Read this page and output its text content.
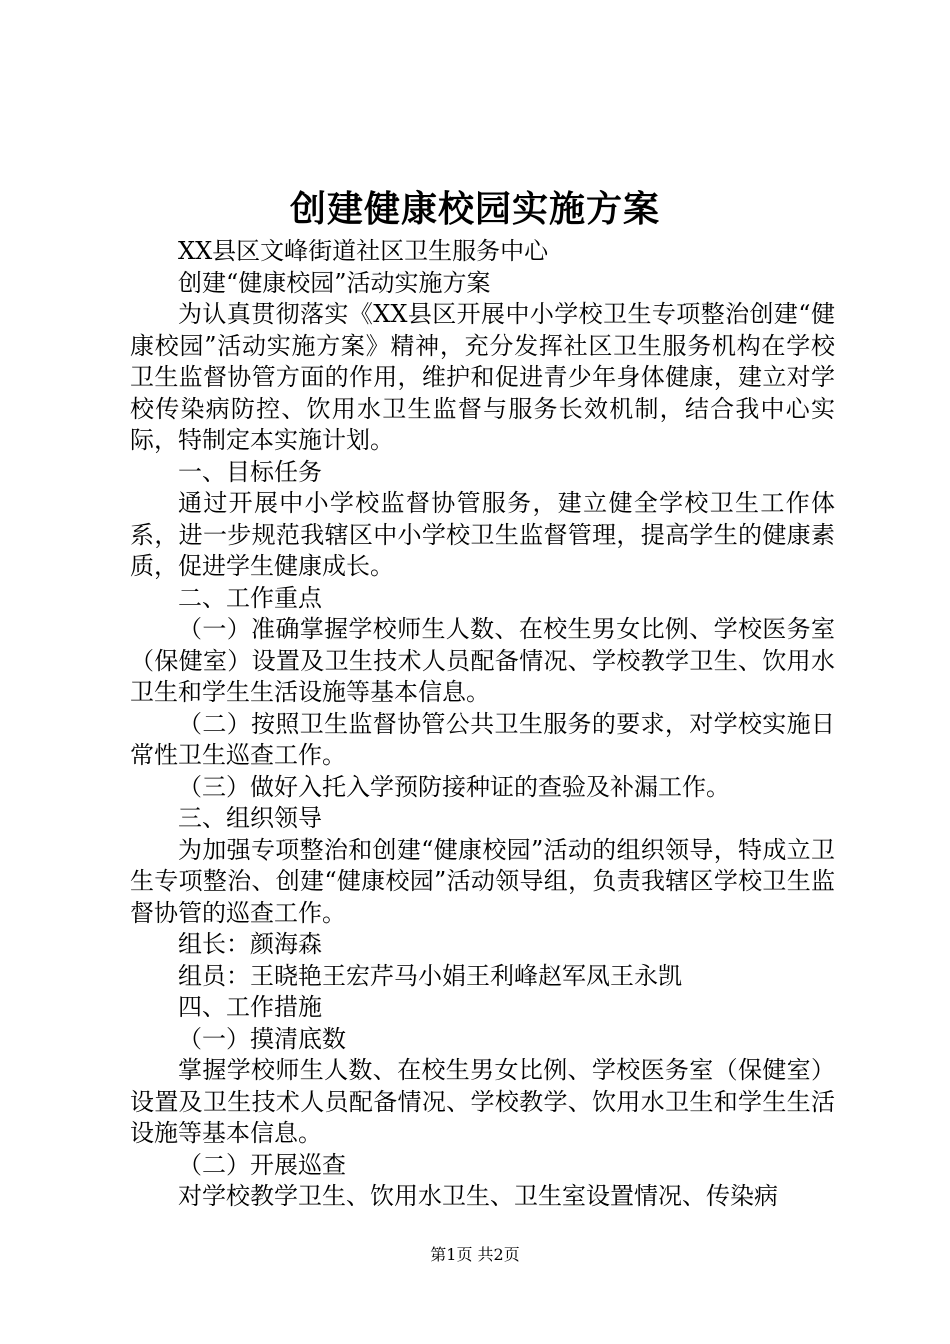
创建健康校园实施方案

XX县区文峰街道社区卫生服务中心

创建“健康校园”活动实施方案

为认真贯彻落实《XX县区开展中小学校卫生专项整治创建“健康校园”活动实施方案》精神，充分发挥社区卫生服务机构在学校卫生监督协管方面的作用，维护和促进青少年身体健康，建立对学校传染病防控、饮用水卫生监督与服务长效机制，结合我中心实际，特制定本实施计划。

一、目标任务

通过开展中小学校监督协管服务，建立健全学校卫生工作体系，进一步规范我辖区中小学校卫生监督管理，提高学生的健康素质，促进学生健康成长。

二、工作重点

（一）准确掌握学校师生人数、在校生男女比例、学校医务室（保健室）设置及卫生技术人员配备情况、学校教学卫生、饮用水卫生和学生生活设施等基本信息。

（二）按照卫生监督协管公共卫生服务的要求，对学校实施日常性卫生巡查工作。

（三）做好入托入学预防接种证的查验及补漏工作。

三、组织领导

为加强专项整治和创建“健康校园”活动的组织领导，特成立卫生专项整治、创建“健康校园”活动领导组，负责我辖区学校卫生监督协管的巡查工作。

组长：颜海森

组员：王晓艳王宏芹马小娟王利峰赵军凤王永凯

四、工作措施

（一）摸清底数

掌握学校师生人数、在校生男女比例、学校医务室（保健室）设置及卫生技术人员配备情况、学校教学、饮用水卫生和学生生活设施等基本信息。

（二）开展巡查

对学校教学卫生、饮用水卫生、卫生室设置情况、传染病

第1页 共2页
